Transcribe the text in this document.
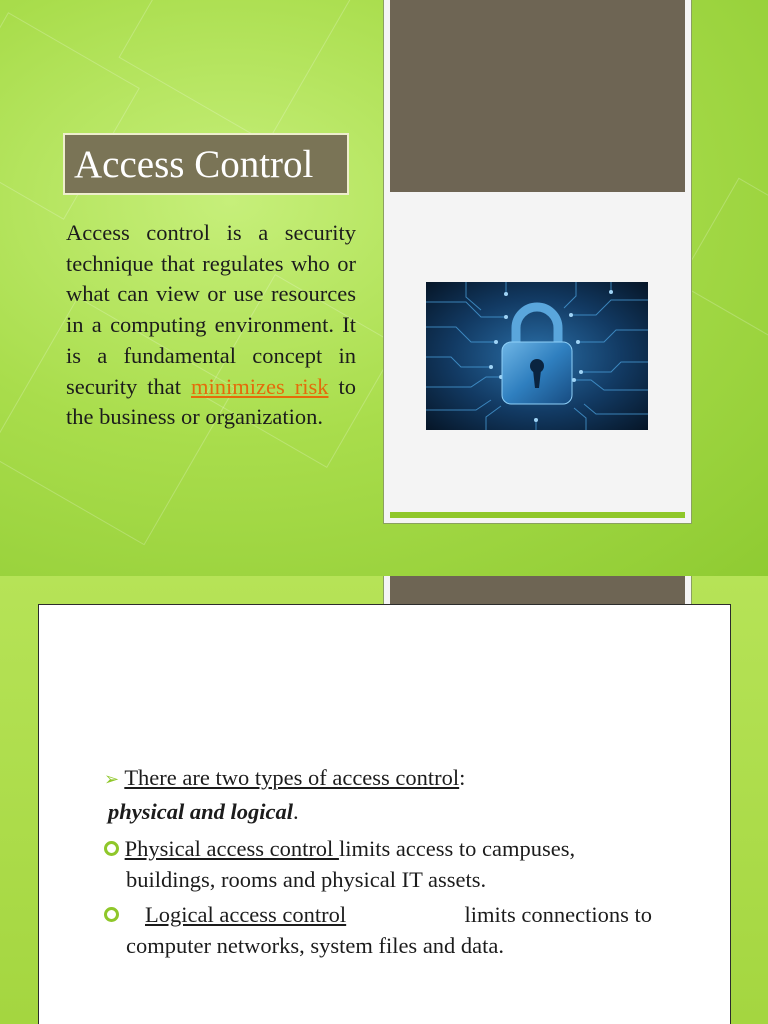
Access Control
Access control is a security technique that regulates who or what can view or use resources in a computing environment. It is a fundamental concept in security that minimizes risk to the business or organization.
➢ There are two types of access control:
physical and logical.
Physical access control limits access to campuses,
buildings, rooms and physical IT assets.
Logical access control	limits connections to
computer networks, system files and data.
